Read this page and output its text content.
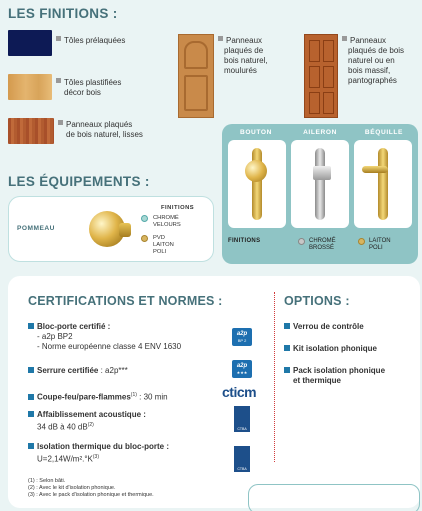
LES FINITIONS :
Tôles prélaquées
Tôles plastifiées
décor bois
Panneaux plaqués
de bois naturel, lisses
Panneaux
plaqués de
bois naturel,
moulurés
Panneaux
plaqués de bois
naturel ou en
bois massif,
pantographés
LES ÉQUIPEMENTS :
POMMEAU
FINITIONS
CHROMÉ
VELOURS
PVD
LAITON POLI
BOUTON	AILERON	BÉQUILLE
FINITIONS	CHROMÉ
BROSSÉ
LAITON
POLI
CERTIFICATIONS ET NORMES :
Bloc-porte certifié :
- a2p BP2
- Norme européenne classe 4 ENV 1630
a2p
BP 2
Serrure certifiée : a2p***	a2p
★★★
Coupe-feu/pare-flammes$^{(1)}$ : 30 min	cticm
Affaiblissement acoustique :
34 dB à 40 $dB^{(2)}$
CTBA
Isolation thermique du bloc-porte :
$U=2,14W/m^2.^\circ K^{(3)}$
CTBA
(1) : Selon bâti.
(2) : Avec le kit d'isolation phonique.
(3) : Avec le pack d'isolation phonique et thermique.
OPTIONS :
Verrou de contrôle
Kit isolation phonique
Pack isolation phonique
et thermique
